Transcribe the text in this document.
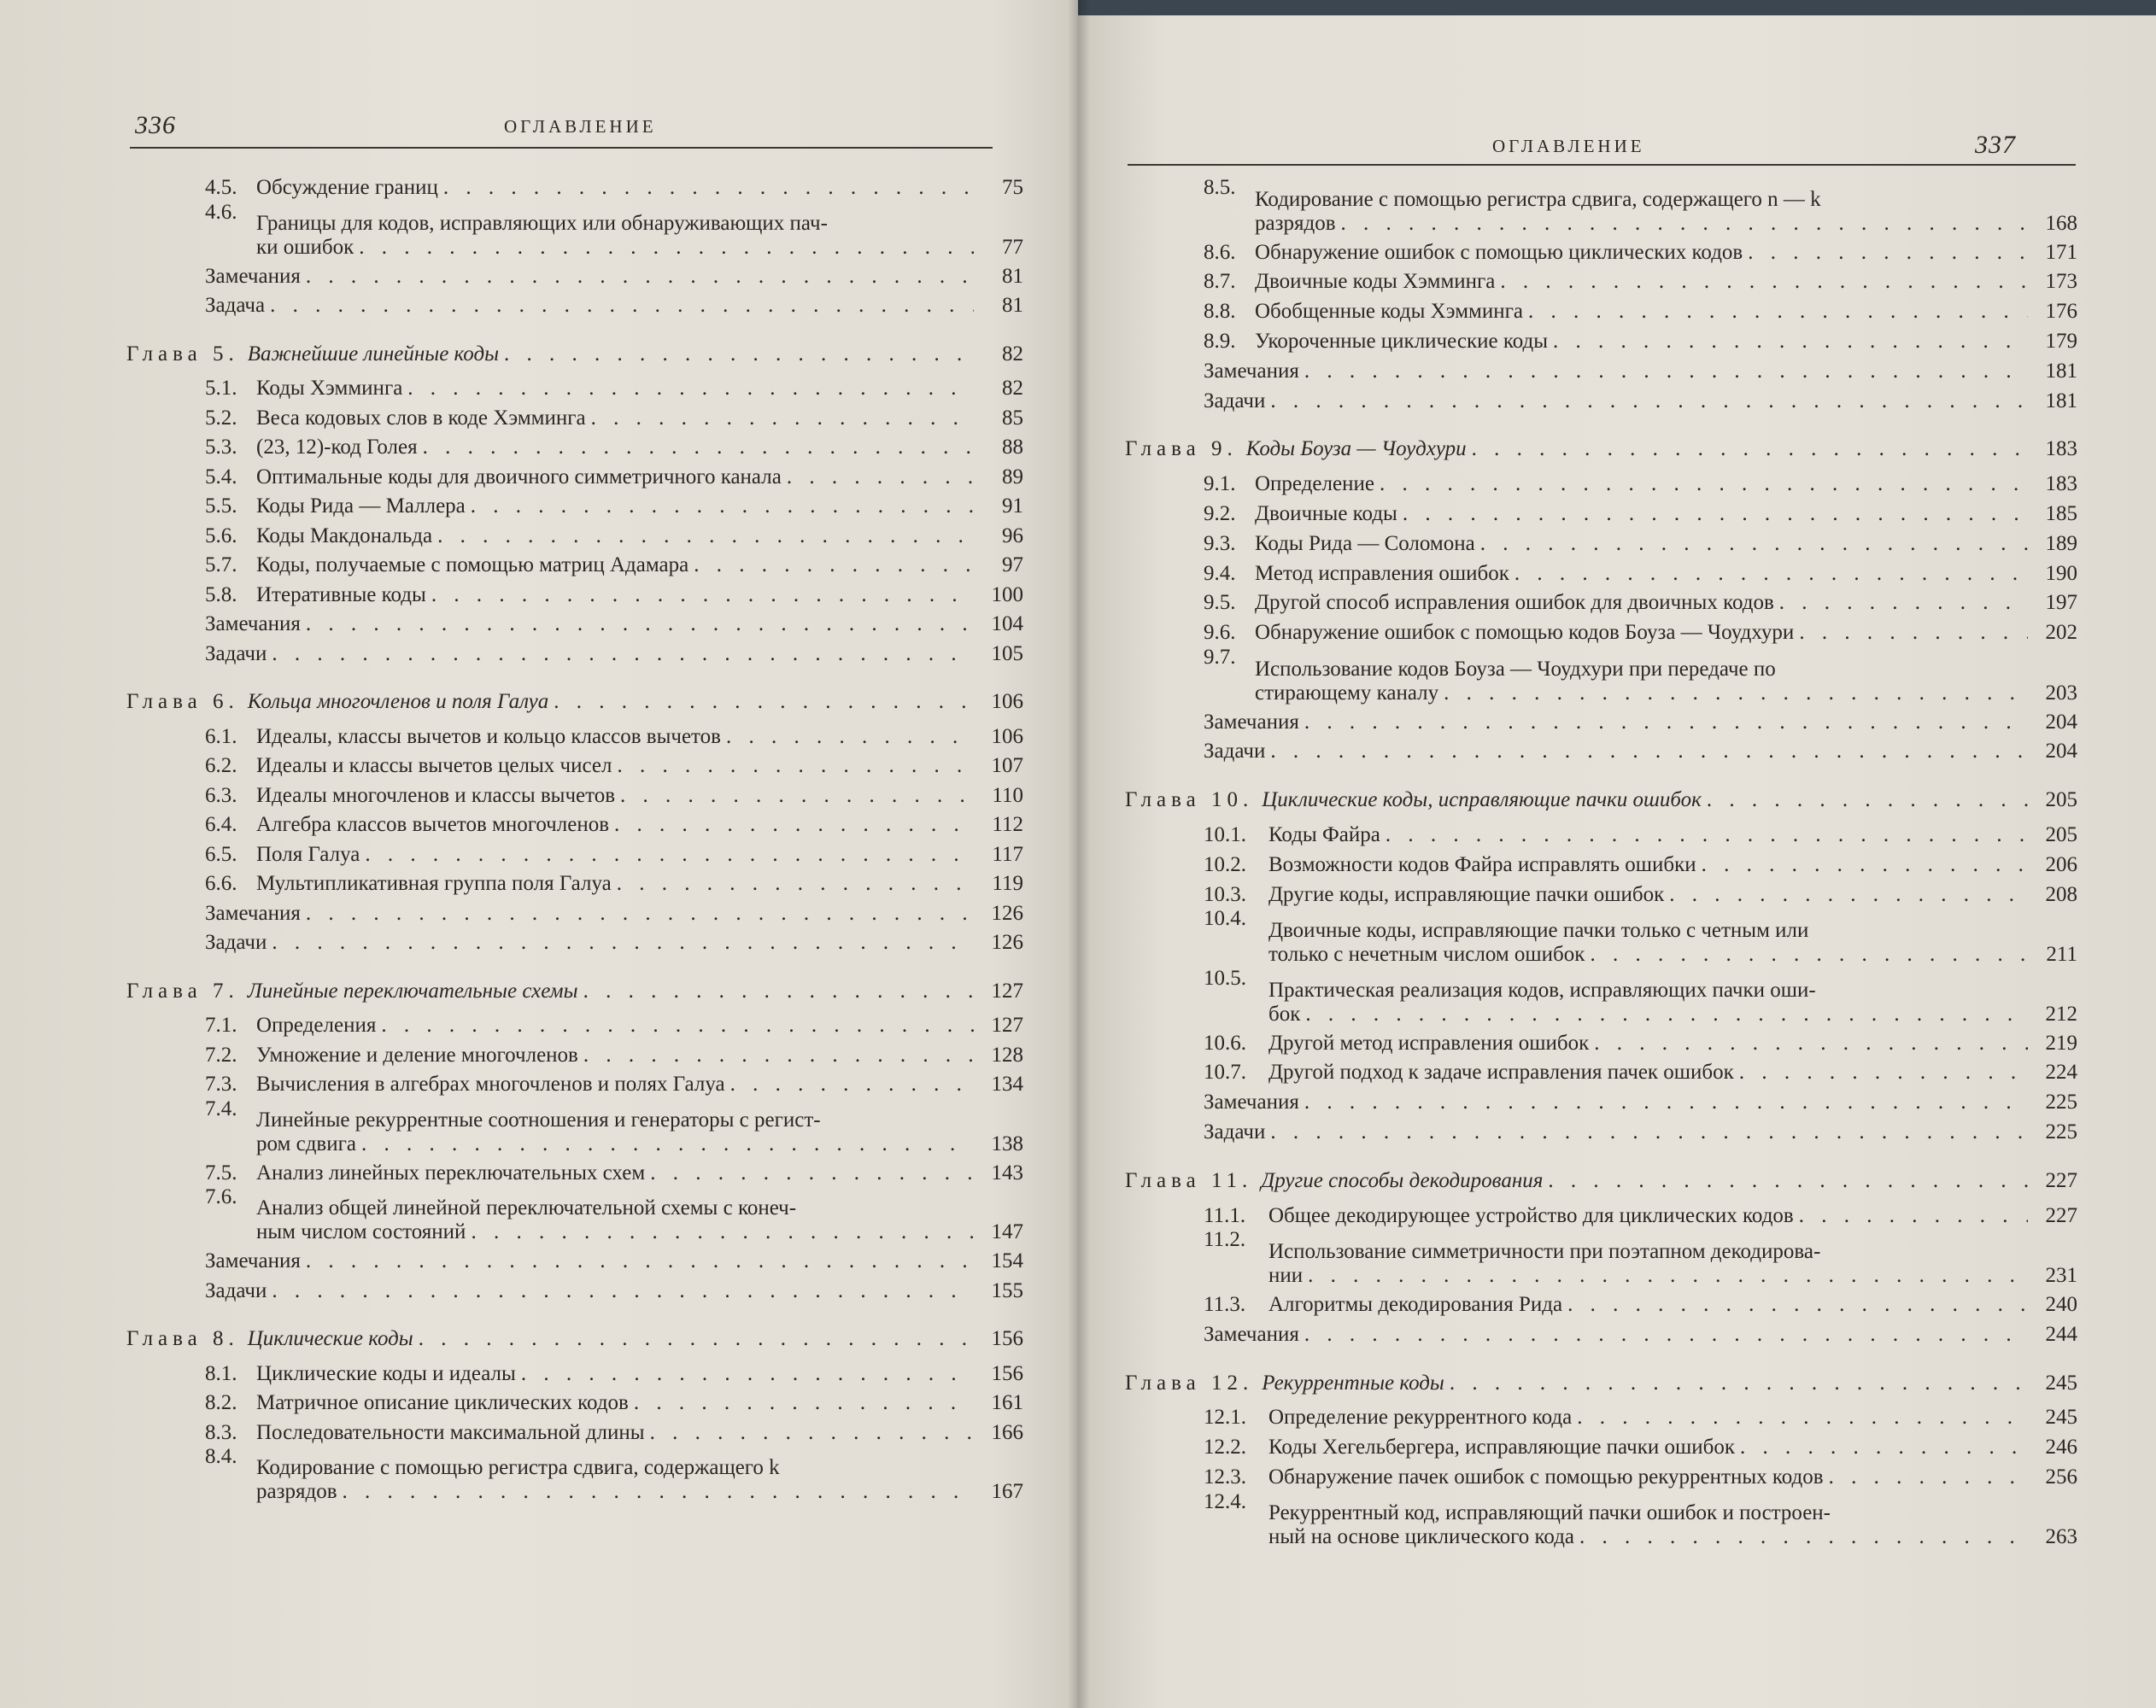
336	ОГЛАВЛЕНИЕ
4.5. Обсуждение границ . . .	75
4.6. Границы для кодов, исправляющих или обнаруживающих пач-
ки ошибок . . .	77
Замечания . . .	81
Задача . . .	81
Глава 5. Важнейшие линейные коды . . .	82
5.1. Коды Хэмминга . . .	82
5.2. Веса кодовых слов в коде Хэмминга . . .	85
5.3. (23, 12)-код Голея . . .	88
5.4. Оптимальные коды для двоичного симметричного канала . . .	89
5.5. Коды Рида — Маллера . . .	91
5.6. Коды Макдональда . . .	96
5.7. Коды, получаемые с помощью матриц Адамара . . .	97
5.8. Итеративные коды . . .	100
Замечания . . .	104
Задачи . . .	105
Глава 6. Кольца многочленов и поля Галуа . . .	106
6.1. Идеалы, классы вычетов и кольцо классов вычетов . . .	106
6.2. Идеалы и классы вычетов целых чисел . . .	107
6.3. Идеалы многочленов и классы вычетов . . .	110
6.4. Алгебра классов вычетов многочленов . . .	112
6.5. Поля Галуа . . .	117
6.6. Мультипликативная группа поля Галуа . . .	119
Замечания . . .	126
Задачи . . .	126
Глава 7. Линейные переключательные схемы . . .	127
7.1. Определения . . .	127
7.2. Умножение и деление многочленов . . .	128
7.3. Вычисления в алгебрах многочленов и полях Галуа . . .	134
7.4. Линейные рекуррентные соотношения и генераторы с регист-
ром сдвига . . .	138
7.5. Анализ линейных переключательных схем . . .	143
7.6. Анализ общей линейной переключательной схемы с конеч-
ным числом состояний . . .	147
Замечания . . .	154
Задачи . . .	155
Глава 8. Циклические коды . . .	156
8.1. Циклические коды и идеалы . . .	156
8.2. Матричное описание циклических кодов . . .	161
8.3. Последовательности максимальной длины . . .	166
8.4. Кодирование с помощью регистра сдвига, содержащего k
разрядов . . .	167
ОГЛАВЛЕНИЕ	337
8.5.
Кодирование с помощью регистра сдвига, содержащего n — k
разрядов . . .	168
8.6. Обнаружение ошибок с помощью циклических кодов . . .	171
8.7. Двоичные коды Хэмминга . . .	173
8.8. Обобщенные коды Хэмминга . . .	176
8.9. Укороченные циклические коды . . .	179
Замечания . . .	181
Задачи . . .	181
Глава 9. Коды Боуза — Чоудхури . . .	183
9.1. Определение . . .	183
9.2. Двоичные коды . . .	185
9.3. Коды Рида — Соломона . . .	189
9.4. Метод исправления ошибок . . .	190
9.5. Другой способ исправления ошибок для двоичных кодов . . .	197
9.6. Обнаружение ошибок с помощью кодов Боуза — Чоудхури . . .	202
9.7.
Использование кодов Боуза — Чоудхури при передаче по
стирающему каналу . . .	203
Замечания . . .	204
Задачи . . .	204
Глава 10. Циклические коды, исправляющие пачки ошибок . . .	205
10.1.	Коды Файра . . .	205
10.2.	Возможности кодов Файра исправлять ошибки . . .	206
10.3.	Другие коды, исправляющие пачки ошибок . . .	208
10.4.
Двоичные коды, исправляющие пачки только с четным или
только с нечетным числом ошибок . . .	211
10.5.
Практическая реализация кодов, исправляющих пачки оши-
бок . . .	212
10.6.	Другой метод исправления ошибок . . .	219
10.7.	Другой подход к задаче исправления пачек ошибок . . .	224
Замечания . . .	225
Задачи . . .	225
Глава 11. Другие способы декодирования . . .	227
11.1.	Общее декодирующее устройство для циклических кодов . . .	227
11.2.
Использование симметричности при поэтапном декодирова-
нии . . .	231
11.3.	Алгоритмы декодирования Рида . . .	240
Замечания . . .	244
Глава 12. Рекуррентные коды . . .	245
12.1.	Определение рекуррентного кода . . .	245
12.2.	Коды Хегельбергера, исправляющие пачки ошибок . . .	246
12.3.	Обнаружение пачек ошибок с помощью рекуррентных кодов . . .	256
12.4.
Рекуррентный код, исправляющий пачки ошибок и построен-
ный на основе циклического кода . . .	263
